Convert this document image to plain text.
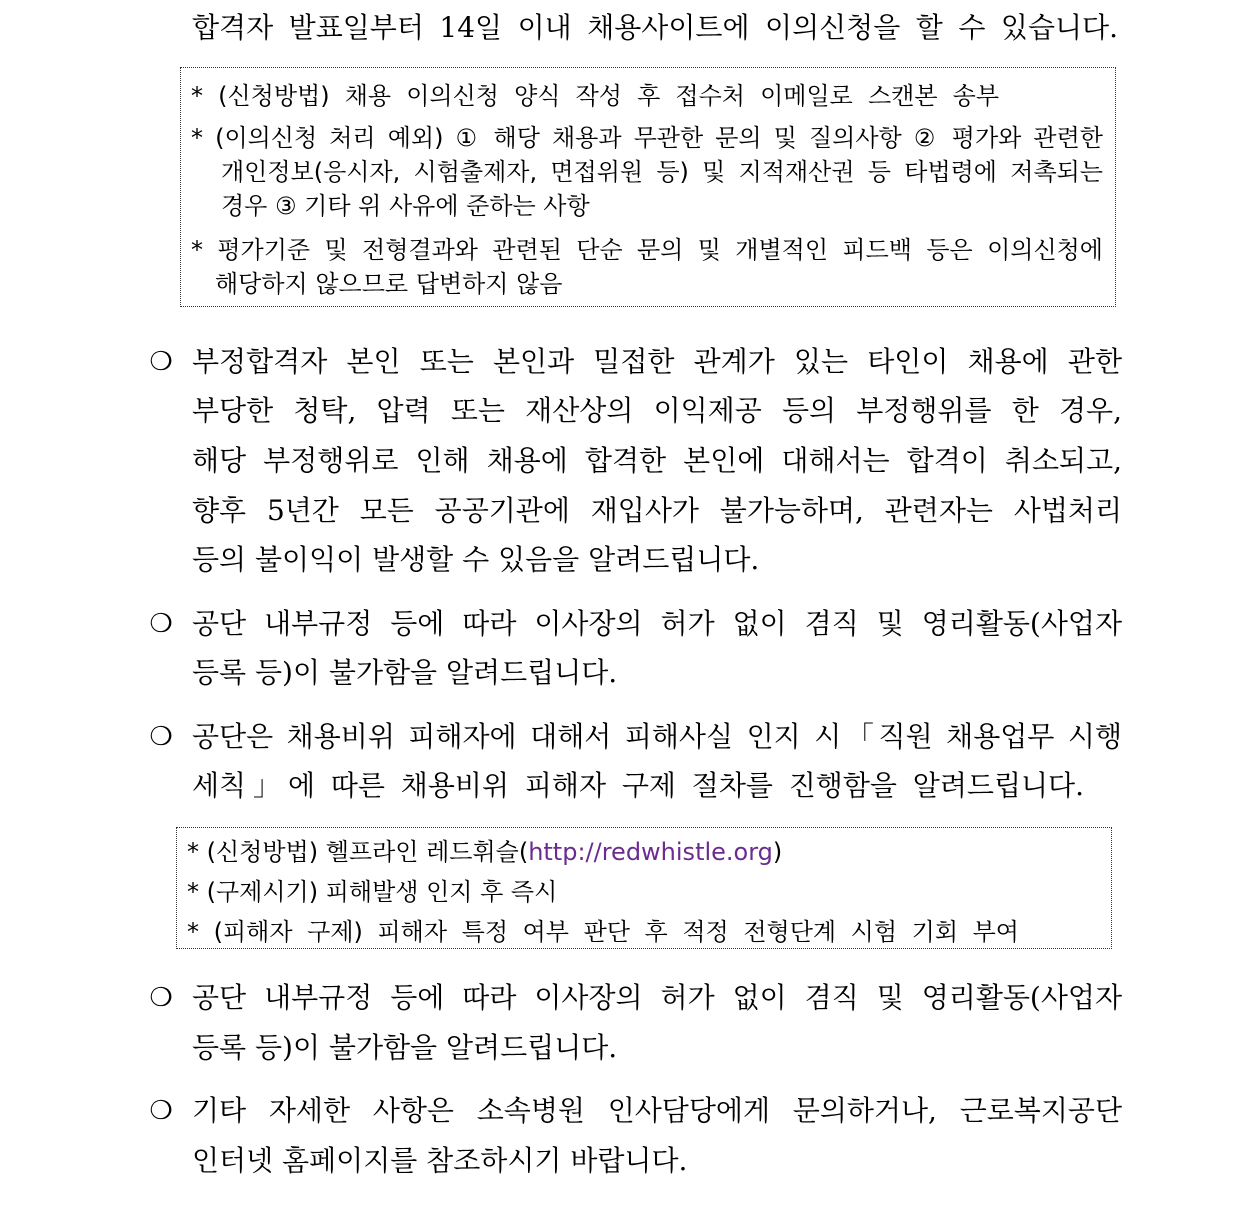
합격자 발표일부터 14일 이내 채용사이트에 이의신청을 할 수 있습니다.
* (신청방법) 채용 이의신청 양식 작성 후 접수처 이메일로 스캔본 송부
* (이의신청 처리 예외) ① 해당 채용과 무관한 문의 및 질의사항 ② 평가와 관련한
개인정보(응시자, 시험출제자, 면접위원 등) 및 지적재산권 등 타법령에 저촉되는
경우 ③ 기타 위 사유에 준하는 사항
* 평가기준 및 전형결과와 관련된 단순 문의 및 개별적인 피드백 등은 이의신청에
해당하지 않으므로 답변하지 않음
❍ 부정합격자 본인 또는 본인과 밀접한 관계가 있는 타인이 채용에 관한
부당한 청탁, 압력 또는 재산상의 이익제공 등의 부정행위를 한 경우,
해당 부정행위로 인해 채용에 합격한 본인에 대해서는 합격이 취소되고,
향후 5년간 모든 공공기관에 재입사가 불가능하며, 관련자는 사법처리
등의 불이익이 발생할 수 있음을 알려드립니다.
❍ 공단 내부규정 등에 따라 이사장의 허가 없이 겸직 및 영리활동(사업자
등록 등)이 불가함을 알려드립니다.
❍ 공단은 채용비위 피해자에 대해서 피해사실 인지 시「직원 채용업무 시행
세칙」에 따른 채용비위 피해자 구제 절차를 진행함을 알려드립니다.
* (신청방법) 헬프라인 레드휘슬( http://redwhistle.org )
* (구제시기) 피해발생 인지 후 즉시
* (피해자 구제) 피해자 특정 여부 판단 후 적정 전형단계 시험 기회 부여
❍ 공단 내부규정 등에 따라 이사장의 허가 없이 겸직 및 영리활동(사업자
등록 등)이 불가함을 알려드립니다.
❍ 기타 자세한 사항은 소속병원 인사담당에게 문의하거나, 근로복지공단
인터넷 홈페이지를 참조하시기 바랍니다.
